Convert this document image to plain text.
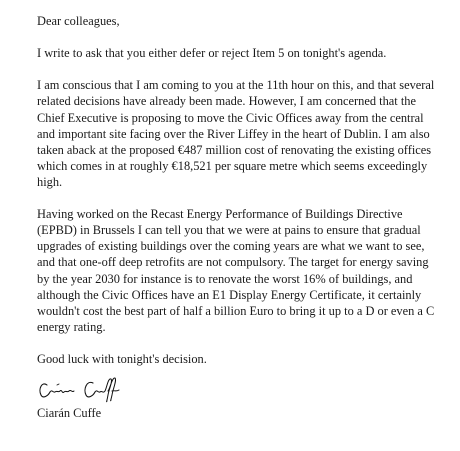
Dear colleagues,

I write to ask that you either defer or reject Item 5 on tonight's agenda.

I am conscious that I am coming to you at the 11th hour on this, and that several related decisions have already been made. However, I am concerned that the Chief Executive is proposing to move the Civic Offices away from the central and important site facing over the River Liffey in the heart of Dublin. I am also taken aback at the proposed €487 million cost of renovating the existing offices which comes in at roughly €18,521 per square metre which seems exceedingly high.

Having worked on the Recast Energy Performance of Buildings Directive (EPBD) in Brussels I can tell you that we were at pains to ensure that gradual upgrades of existing buildings over the coming years are what we want to see, and that one-off deep retrofits are not compulsory. The target for energy saving by the year 2030 for instance is to renovate the worst 16% of buildings, and although the Civic Offices have an E1 Display Energy Certificate, it certainly wouldn't cost the best part of half a billion Euro to bring it up to a D or even a C energy rating.

Good luck with tonight's decision.

Ciarán Cuffe
